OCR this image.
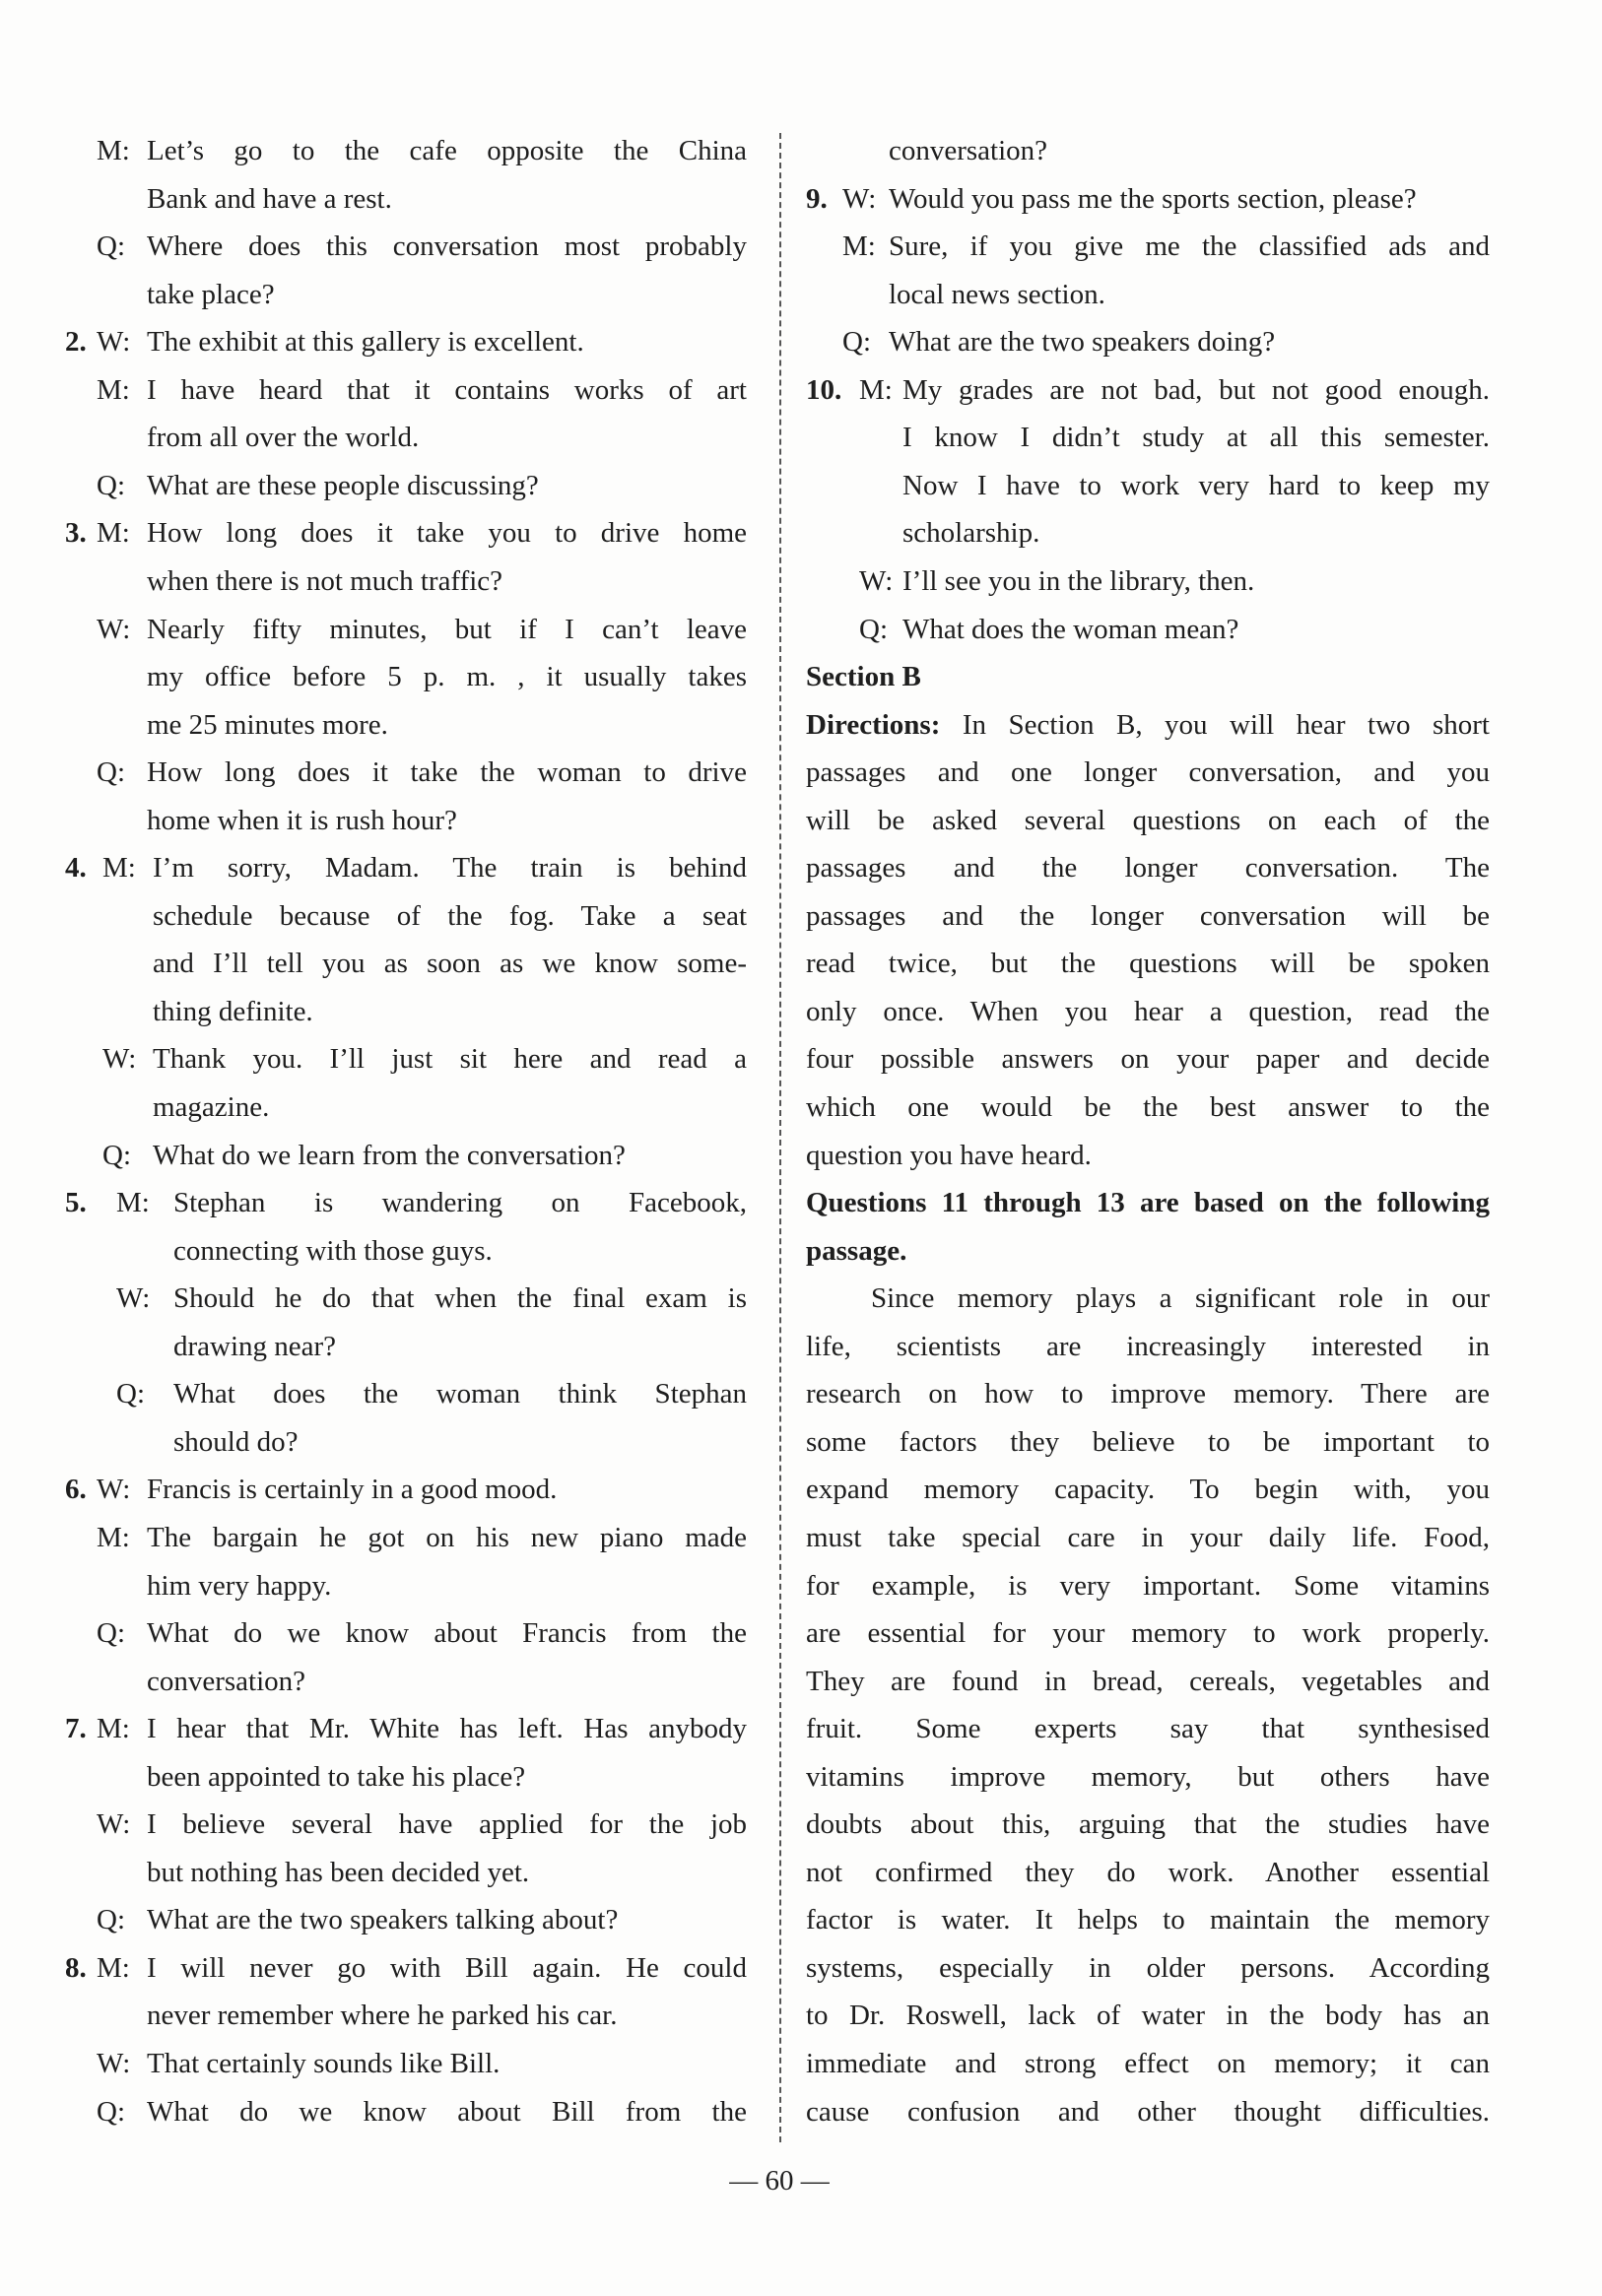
M: Let’s go to the cafe opposite the China
Bank and have a rest.
Q: Where does this conversation most probably
take place?
2. W: The exhibit at this gallery is excellent.
M: I have heard that it contains works of art
from all over the world.
Q: What are these people discussing?
3. M: How long does it take you to drive home
when there is not much traffic?
W: Nearly fifty minutes, but if I can’t leave
my office before 5 p. m. , it usually takes
me 25 minutes more.
Q: How long does it take the woman to drive
home when it is rush hour?
4. M: I’m sorry, Madam. The train is behind
schedule because of the fog. Take a seat
and I’ll tell you as soon as we know some-
thing definite.
W: Thank you. I’ll just sit here and read a
magazine.
Q: What do we learn from the conversation?
5. M: Stephan is wandering on Facebook,
connecting with those guys.
W: Should he do that when the final exam is
drawing near?
Q: What does the woman think Stephan
should do?
6. W: Francis is certainly in a good mood.
M: The bargain he got on his new piano made
him very happy.
Q: What do we know about Francis from the
conversation?
7. M: I hear that Mr. White has left. Has anybody
been appointed to take his place?
W: I believe several have applied for the job
but nothing has been decided yet.
Q: What are the two speakers talking about?
8. M: I will never go with Bill again. He could
never remember where he parked his car.
W: That certainly sounds like Bill.
Q: What do we know about Bill from the
conversation?
9. W: Would you pass me the sports section, please?
M: Sure, if you give me the classified ads and
local news section.
Q: What are the two speakers doing?
10. M: My grades are not bad, but not good enough.
I know I didn’t study at all this semester.
Now I have to work very hard to keep my
scholarship.
W: I’ll see you in the library, then.
Q: What does the woman mean?
Section B
Directions: In Section B, you will hear two short
passages and one longer conversation, and you
will be asked several questions on each of the
passages and the longer conversation. The
passages and the longer conversation will be
read twice, but the questions will be spoken
only once. When you hear a question, read the
four possible answers on your paper and decide
which one would be the best answer to the
question you have heard.
Questions 11 through 13 are based on the following
passage.
Since memory plays a significant role in our
life, scientists are increasingly interested in
research on how to improve memory. There are
some factors they believe to be important to
expand memory capacity. To begin with, you
must take special care in your daily life. Food,
for example, is very important. Some vitamins
are essential for your memory to work properly.
They are found in bread, cereals, vegetables and
fruit. Some experts say that synthesised
vitamins improve memory, but others have
doubts about this, arguing that the studies have
not confirmed they do work. Another essential
factor is water. It helps to maintain the memory
systems, especially in older persons. According
to Dr. Roswell, lack of water in the body has an
immediate and strong effect on memory; it can
cause confusion and other thought difficulties.
— 60 —
